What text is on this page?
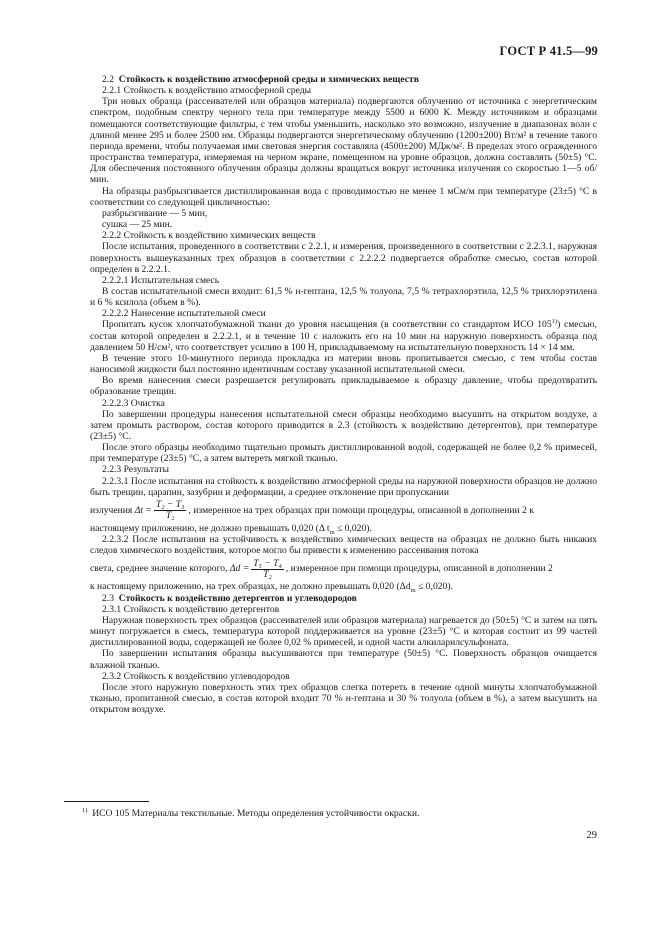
ГОСТ Р 41.5—99

2.2 Стойкость к воздействию атмосферной среды и химических веществ

2.2.1 Стойкость к воздействию атмосферной среды

Три новых образца (рассеивателей или образцов материала) подвергаются облучению от источника с энергетическим спектром, подобным спектру черного тела при температуре между 5500 и 6000 К. Между источником и образцами помещаются соответствующие фильтры, с тем чтобы уменьшить, насколько это возможно, излучение в диапазонах волн с длиной менее 295 и более 2500 нм. Образцы подвергаются энергетическому облучению (1200±200) Вт/м² в течение такого периода времени, чтобы получаемая ими световая энергия составляла (4500±200) МДж/м². В пределах этого огражденного пространства температура, измеряемая на черном экране, помещенном на уровне образцов, должна составлять (50±5) °С. Для обеспечения постоянного облучения образцы должны вращаться вокруг источника излучения со скоростью 1—5 об/мин.

На образцы разбрызгивается дистиллированная вода с проводимостью не менее 1 мСм/м при температуре (23±5) °С в соответствии со следующей цикличностью:

разбрызгивание — 5 мин,

сушка — 25 мин.

2.2.2 Стойкость к воздействию химических веществ

После испытания, проведенного в соответствии с 2.2.1, и измерения, произведенного в соответствии с 2.2.3.1, наружная поверхность вышеуказанных трех образцов в соответствии с 2.2.2.2 подвергается обработке смесью, состав которой определен в 2.2.2.1.

2.2.2.1 Испытательная смесь

В состав испытательной смеси входит: 61,5 % н-гептана, 12,5 % толуола, 7,5 % тетрахлорэтила, 12,5 % трихлорэтилена и 6 % ксилола (объем в %).

2.2.2.2 Нанесение испытательной смеси

Пропитать кусок хлопчатобумажной ткани до уровня насыщения (в соответствии со стандартом ИСО 105$^{1)}$) смесью, состав которой определен в 2.2.2.1, и в течение 10 с наложить его на 10 мин на наружную поверхность образца под давлением 50 Н/см², что соответствует усилию в 100 Н, прикладываемому на испытательную поверхность 14 × 14 мм.

В течение этого 10-минутного периода прокладка из материи вновь пропитывается смесью, с тем чтобы состав наносимой жидкости был постоянно идентичным составу указанной испытательной смеси.

Во время нанесения смеси разрешается регулировать прикладываемое к образцу давление, чтобы предотвратить образование трещин.

2.2.2.3 Очистка

По завершении процедуры нанесения испытательной смеси образцы необходимо высушить на открытом воздухе, а затем промыть раствором, состав которого приводится в 2.3 (стойкость к воздействию детергентов), при температуре (23±5) °С.

После этого образцы необходимо тщательно промыть дистиллированной водой, содержащей не более 0,2 % примесей, при температуре (23±5) °С, а затем вытереть мягкой тканью.

2.2.3 Результаты

2.2.3.1 После испытания на стойкость к воздействию атмосферной среды на наружной поверхности образцов не должно быть трещин, царапин, зазубрин и деформации, а среднее отклонение при пропускании

излучения $\Delta t = \frac{\text{T₂ − T₃}}{\text{T₂}}$ , измеренное на трех образцах при помощи процедуры, описанной в дополнении 2 к

настоящему приложению, не должно превышать 0,020 (Δ $t_m \le 0,020$).

2.2.3.2 После испытания на устойчивость к воздействию химических веществ на образцах не должно быть никаких следов химического воздействия, которое могло бы привести к изменению рассеивания потока

света, среднее значение которого, $\Delta d = \frac{\text{T₅ − T₄}}{\text{T₂}}$ , измеренное при помощи процедуры, описанной в дополнении 2

к настоящему приложению, на трех образцах, не должно превышать 0,020 $(\Delta d_m \le 0,020)$.

2.3 Стойкость к воздействию детергентов и углеводородов

2.3.1 Стойкость к воздействию детергентов

Наружная поверхность трех образцов (рассеивателей или образцов материала) нагревается до (50±5) °С и затем на пять минут погружается в смесь, температура которой поддерживается на уровне (23±5) °С и которая состоит из 99 частей дистиллированной воды, содержащей не более 0,02 % примесей, и одной части алкиларилсульфоната.

По завершении испытания образцы высушиваются при температуре (50±5) °С. Поверхность образцов очищается влажной тканью.

2.3.2 Стойкость к воздействию углеводородов

После этого наружную поверхность этих трех образцов слегка потереть в течение одной минуты хлопчатобумажной тканью, пропитанной смесью, в состав которой входит 70 % н-гептана и 30 % толуола (объем в %), а затем высушить на открытом воздухе.

$^{1)}$ ИСО 105 Материалы текстильные. Методы определения устойчивости окраски.
29
